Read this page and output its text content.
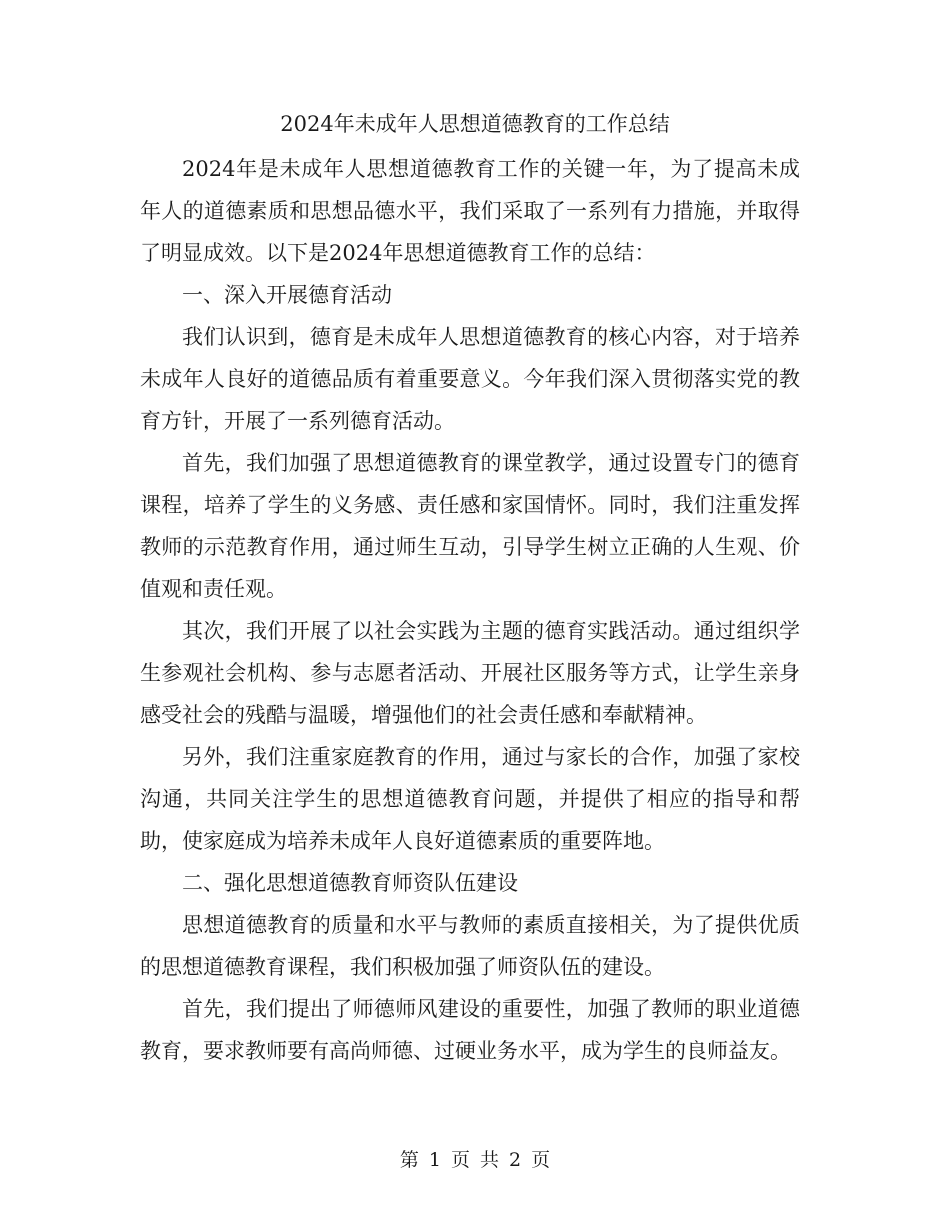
2024年未成年人思想道德教育的工作总结

2024年是未成年人思想道德教育工作的关键一年，为了提高未成年人的道德素质和思想品德水平，我们采取了一系列有力措施，并取得了明显成效。以下是2024年思想道德教育工作的总结：

一、深入开展德育活动

我们认识到，德育是未成年人思想道德教育的核心内容，对于培养未成年人良好的道德品质有着重要意义。今年我们深入贯彻落实党的教育方针，开展了一系列德育活动。

首先，我们加强了思想道德教育的课堂教学，通过设置专门的德育课程，培养了学生的义务感、责任感和家国情怀。同时，我们注重发挥教师的示范教育作用，通过师生互动，引导学生树立正确的人生观、价值观和责任观。

其次，我们开展了以社会实践为主题的德育实践活动。通过组织学生参观社会机构、参与志愿者活动、开展社区服务等方式，让学生亲身感受社会的残酷与温暖，增强他们的社会责任感和奉献精神。

另外，我们注重家庭教育的作用，通过与家长的合作，加强了家校沟通，共同关注学生的思想道德教育问题，并提供了相应的指导和帮助，使家庭成为培养未成年人良好道德素质的重要阵地。

二、强化思想道德教育师资队伍建设

思想道德教育的质量和水平与教师的素质直接相关，为了提供优质的思想道德教育课程，我们积极加强了师资队伍的建设。

首先，我们提出了师德师风建设的重要性，加强了教师的职业道德教育，要求教师要有高尚师德、过硬业务水平，成为学生的良师益友。

第 1 页 共 2 页
